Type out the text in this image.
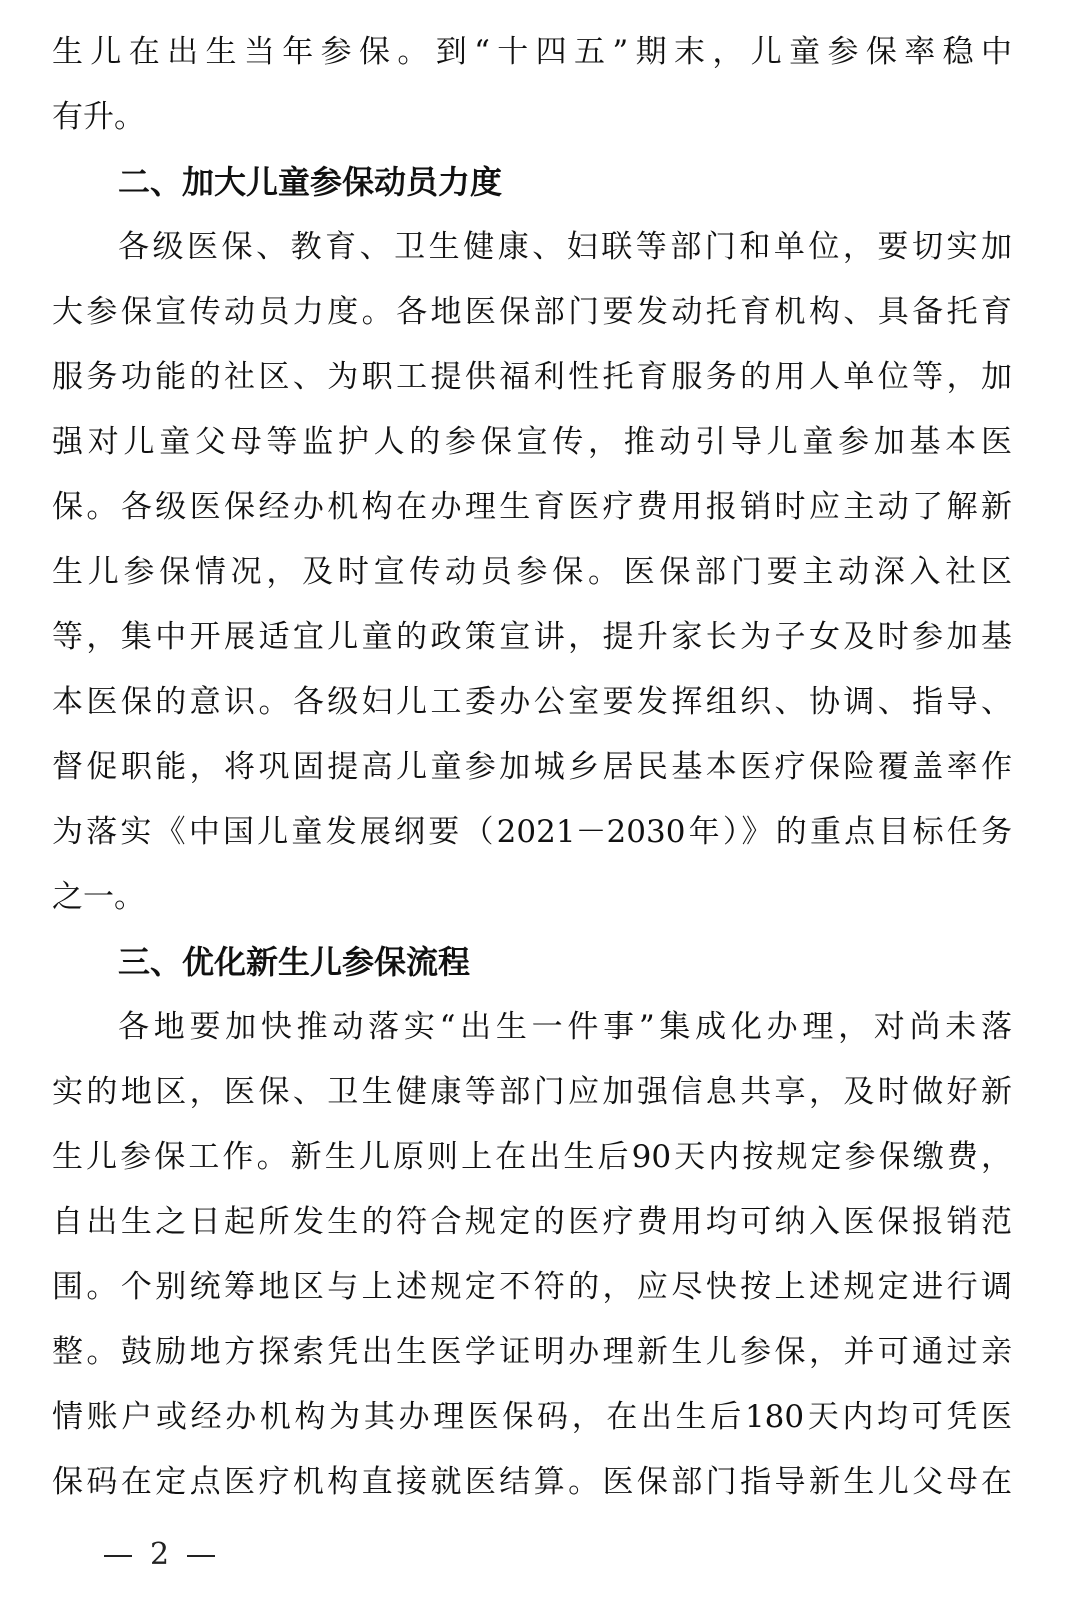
生儿在出生当年参保。到“十四五”期末，儿童参保率稳中
有升。
二、加大儿童参保动员力度
各级医保、教育、卫生健康、妇联等部门和单位，要切实加
大参保宣传动员力度。各地医保部门要发动托育机构、具备托育
服务功能的社区、为职工提供福利性托育服务的用人单位等，加
强对儿童父母等监护人的参保宣传，推动引导儿童参加基本医
保。各级医保经办机构在办理生育医疗费用报销时应主动了解新
生儿参保情况，及时宣传动员参保。医保部门要主动深入社区
等，集中开展适宜儿童的政策宣讲，提升家长为子女及时参加基
本医保的意识。各级妇儿工委办公室要发挥组织、协调、指导、
督促职能，将巩固提高儿童参加城乡居民基本医疗保险覆盖率作
为落实《中国儿童发展纲要（2021－2030年）》的重点目标任务
之一。
三、优化新生儿参保流程
各地要加快推动落实“出生一件事”集成化办理，对尚未落
实的地区，医保、卫生健康等部门应加强信息共享，及时做好新
生儿参保工作。新生儿原则上在出生后90天内按规定参保缴费，
自出生之日起所发生的符合规定的医疗费用均可纳入医保报销范
围。个别统筹地区与上述规定不符的，应尽快按上述规定进行调
整。鼓励地方探索凭出生医学证明办理新生儿参保，并可通过亲
情账户或经办机构为其办理医保码，在出生后180天内均可凭医
保码在定点医疗机构直接就医结算。医保部门指导新生儿父母在
2
